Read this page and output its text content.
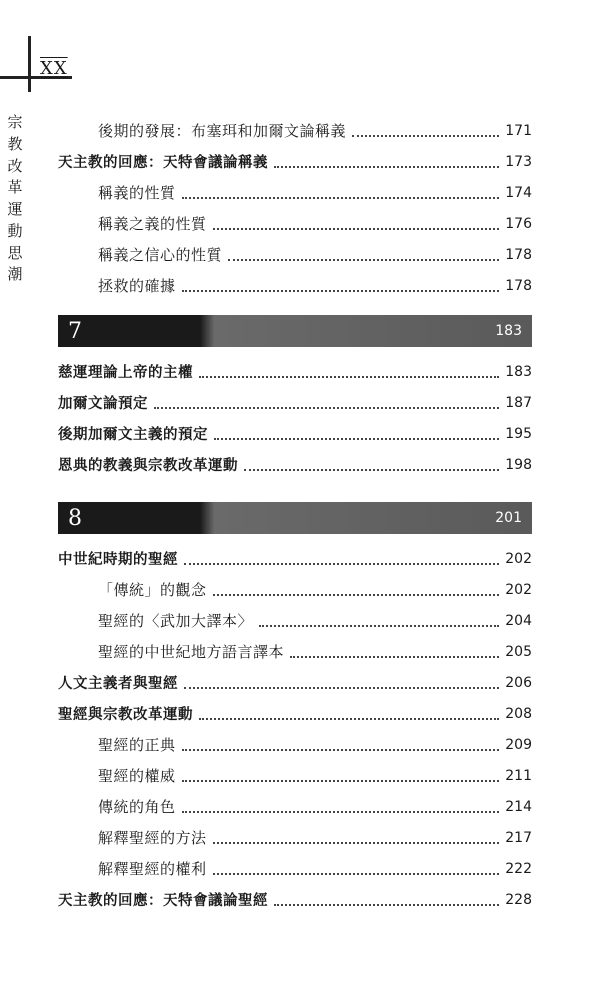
XX
宗教改革運動思潮
後期的發展：布塞珥和加爾文論稱義	171
天主教的回應：天特會議論稱義	173
稱義的性質	174
稱義之義的性質	176
稱義之信心的性質	178
拯救的確據	178
7	183
慈運理論上帝的主權	183
加爾文論預定	187
後期加爾文主義的預定	195
恩典的教義與宗教改革運動	198
8	201
中世紀時期的聖經	202
「傳統」的觀念	202
聖經的〈武加大譯本〉	204
聖經的中世紀地方語言譯本	205
人文主義者與聖經	206
聖經與宗教改革運動	208
聖經的正典	209
聖經的權威	211
傳統的角色	214
解釋聖經的方法	217
解釋聖經的權利	222
天主教的回應：天特會議論聖經	228
